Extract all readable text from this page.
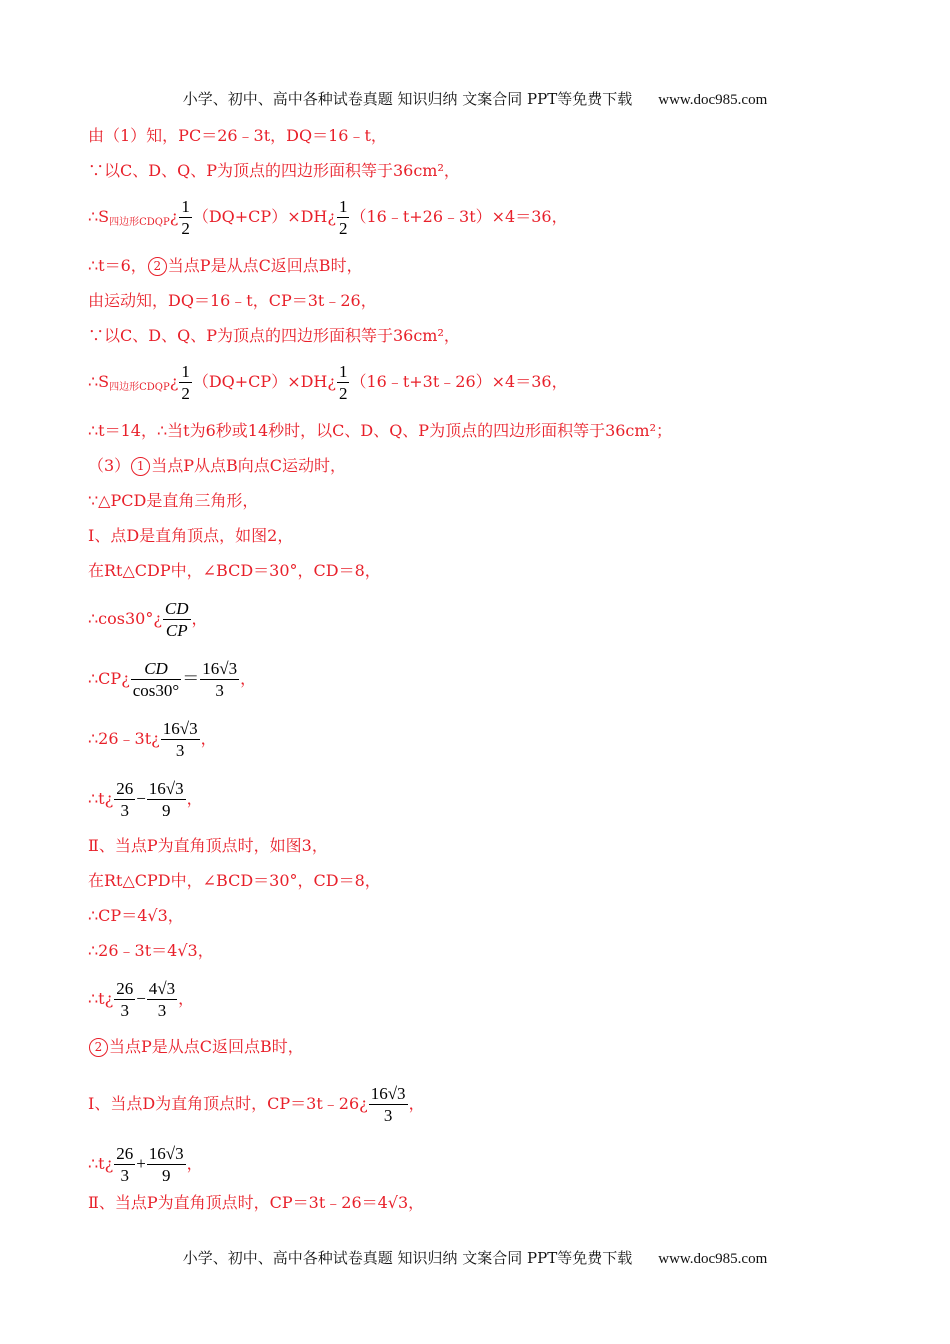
小学、初中、高中各种试卷真题 知识归纳 文案合同 PPT等免费下载 www.doc985.com
由（1）知，PC＝26﹣3t，DQ＝16﹣t，
∵以C、D、Q、P为顶点的四边形面积等于36cm²，
$\therefore S_{四边形CDQP}¿ \frac{1}{2}$ （DQ+CP）×DH¿ $\frac{1}{2}$ （16﹣t+26﹣3t）×4＝36，
∴t＝6， 2 当点P是从点C返回点B时，
由运动知，DQ＝16﹣t，CP＝3t﹣26，
∵以C、D、Q、P为顶点的四边形面积等于36cm²，
$\therefore S_{四边形CDQP}¿ \frac{1}{2}$ （DQ+CP）×DH¿ $\frac{1}{2}$ （16﹣t+3t﹣26）×4＝36，
∴t＝14，∴当t为6秒或14秒时，以C、D、Q、P为顶点的四边形面积等于36cm²；
（3） 1 当点P从点B向点C运动时，
∵△PCD是直角三角形，
Ⅰ、点D是直角顶点，如图2，
在Rt△CDP中，∠BCD＝30°，CD＝8，
∴cos30°¿ $\frac{CD}{CP}$ ，
∴CP¿ $\frac{CD}{\cos 30^\circ} = \frac{16√3}{3}$ ，
∴26﹣3t¿ $\frac{16√3}{3}$ ，
∴t¿ $\frac{26}{3} - \frac{16√3}{9}$ ，
Ⅱ、当点P为直角顶点时，如图3，
在Rt△CPD中，∠BCD＝30°，CD＝8，
∴CP＝4√3，
∴26﹣3t＝4√3，
∴t¿ $\frac{26}{3} - \frac{4√3}{3}$ ，
2 当点P是从点C返回点B时，
Ⅰ、当点D为直角顶点时，CP＝3t﹣26¿ $\frac{16√3}{3}$ ，
∴t¿ $\frac{26}{3} + \frac{16√3}{9}$ ，
Ⅱ、当点P为直角顶点时，CP＝3t﹣26＝4√3，
小学、初中、高中各种试卷真题 知识归纳 文案合同 PPT等免费下载 www.doc985.com
